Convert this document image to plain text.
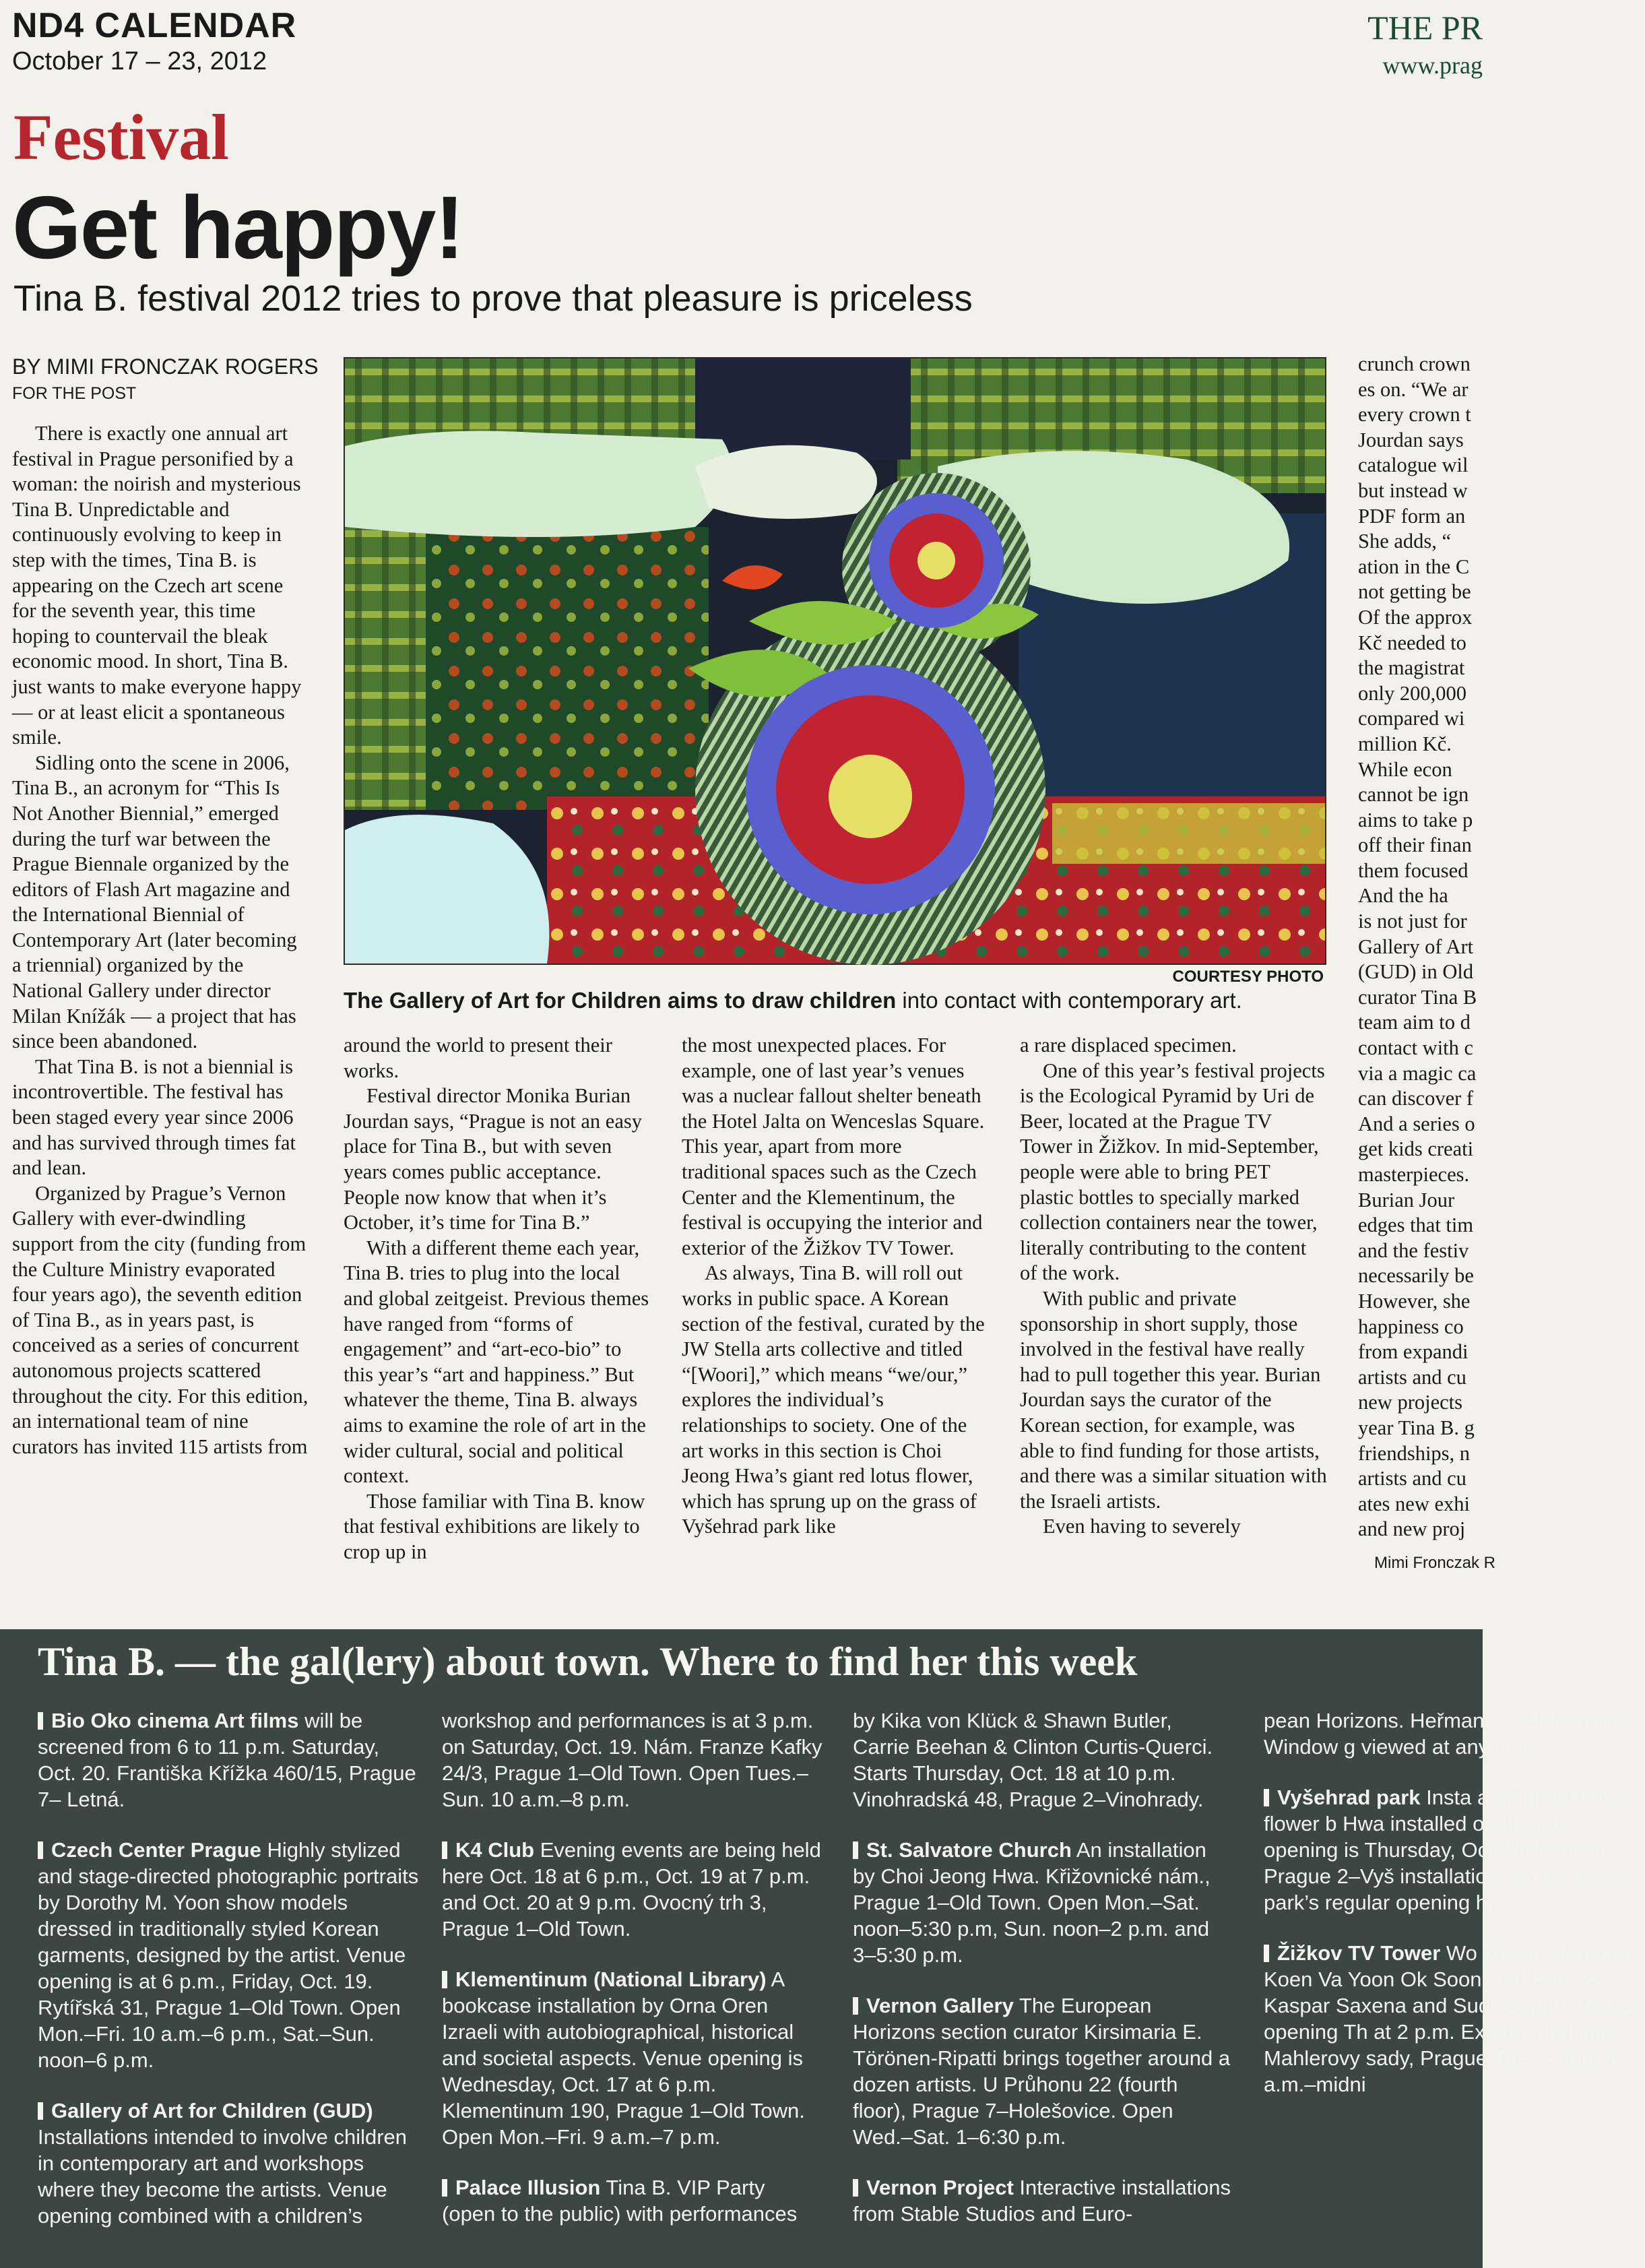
ND4 CALENDAR
October 17 – 23, 2012
THE PR
www.prag
Festival
Get happy!
Tina B. festival 2012 tries to prove that pleasure is priceless
BY MIMI FRONCZAK ROGERS
FOR THE POST

There is exactly one annual art festival in Prague personified by a woman: the noirish and mysterious Tina B. Unpredictable and continuously evolving to keep in step with the times, Tina B. is appearing on the Czech art scene for the seventh year, this time hoping to countervail the bleak economic mood. In short, Tina B. just wants to make everyone happy — or at least elicit a spontaneous smile.

Sidling onto the scene in 2006, Tina B., an acronym for “This Is Not Another Biennial,” emerged during the turf war between the Prague Biennale organized by the editors of Flash Art magazine and the International Biennial of Contemporary Art (later becoming a triennial) organized by the National Gallery under director Milan Knížák — a project that has since been abandoned.

That Tina B. is not a biennial is incontrovertible. The festival has been staged every year since 2006 and has survived through times fat and lean.

Organized by Prague’s Vernon Gallery with ever-dwindling support from the city (funding from the Culture Ministry evaporated four years ago), the seventh edition of Tina B., as in years past, is conceived as a series of concurrent autonomous projects scattered throughout the city. For this edition, an international team of nine curators has invited 115 artists from

COURTESY PHOTO
The Gallery of Art for Children aims to draw children into contact with contemporary art.

around the world to present their works.

Festival director Monika Burian Jourdan says, “Prague is not an easy place for Tina B., but with seven years comes public acceptance. People now know that when it’s October, it’s time for Tina B.”

With a different theme each year, Tina B. tries to plug into the local and global zeitgeist. Previous themes have ranged from “forms of engagement” and “art-eco-bio” to this year’s “art and happiness.” But whatever the theme, Tina B. always aims to examine the role of art in the wider cultural, social and political context.

Those familiar with Tina B. know that festival exhibitions are likely to crop up in

the most unexpected places. For example, one of last year’s venues was a nuclear fallout shelter beneath the Hotel Jalta on Wenceslas Square. This year, apart from more traditional spaces such as the Czech Center and the Klementinum, the festival is occupying the interior and exterior of the Žižkov TV Tower.

As always, Tina B. will roll out works in public space. A Korean section of the festival, curated by the JW Stella arts collective and titled “[Woori],” which means “we/our,” explores the individual’s relationships to society. One of the art works in this section is Choi Jeong Hwa’s giant red lotus flower, which has sprung up on the grass of Vyšehrad park like

a rare displaced specimen.

One of this year’s festival projects is the Ecological Pyramid by Uri de Beer, located at the Prague TV Tower in Žižkov. In mid-September, people were able to bring PET plastic bottles to specially marked collection containers near the tower, literally contributing to the content of the work.

With public and private sponsorship in short supply, those involved in the festival have really had to pull together this year. Burian Jourdan says the curator of the Korean section, for example, was able to find funding for those artists, and there was a similar situation with the Israeli artists.

Even having to severely

crunch crown
es on. “We ar
every crown t
Jourdan says
catalogue wil
but instead w
PDF form an
She adds, “
ation in the C
not getting be
Of the approx
Kč needed to
the magistrat
only 200,000
compared wi
million Kč.
While econ
cannot be ign
aims to take p
off their finan
them focused
And the ha
is not just for
Gallery of Art
(GUD) in Old
curator Tina B
team aim to d
contact with c
via a magic ca
can discover f
And a series o
get kids creati
masterpieces.
Burian Jour
edges that tim
and the festiv
necessarily be
However, she
happiness co
from expandi
artists and cu
new projects
year Tina B. g
friendships, n
artists and cu
ates new exhi
and new proj
Mimi Fronczak R
Tina B. — the gal(lery) about town. Where to find her this week
Bio Oko cinema Art films will be screened from 6 to 11 p.m. Saturday, Oct. 20. Františka Křížka 460/15, Prague 7– Letná.
Czech Center Prague Highly stylized and stage-directed photographic portraits by Dorothy M. Yoon show models dressed in traditionally styled Korean garments, designed by the artist. Venue opening is at 6 p.m., Friday, Oct. 19. Rytířská 31, Prague 1–Old Town. Open Mon.–Fri. 10 a.m.–6 p.m., Sat.–Sun. noon–6 p.m.
Gallery of Art for Children (GUD) Installations intended to involve children in contemporary art and workshops where they become the artists. Venue opening combined with a children’s
workshop and performances is at 3 p.m. on Saturday, Oct. 19. Nám. Franze Kafky 24/3, Prague 1–Old Town. Open Tues.–Sun. 10 a.m.–8 p.m.
K4 Club Evening events are being held here Oct. 18 at 6 p.m., Oct. 19 at 7 p.m. and Oct. 20 at 9 p.m. Ovocný trh 3, Prague 1–Old Town.
Klementinum (National Library) A bookcase installation by Orna Oren Izraeli with autobiographical, historical and societal aspects. Venue opening is Wednesday, Oct. 17 at 6 p.m. Klementinum 190, Prague 1–Old Town. Open Mon.–Fri. 9 a.m.–7 p.m.
Palace Illusion Tina B. VIP Party (open to the public) with performances
by Kika von Klück & Shawn Butler, Carrie Beehan & Clinton Curtis-Querci. Starts Thursday, Oct. 18 at 10 p.m. Vinohradská 48, Prague 2–Vinohrady.
St. Salvatore Church An installation by Choi Jeong Hwa. Křižovnické nám., Prague 1–Old Town. Open Mon.–Sat. noon–5:30 p.m, Sun. noon–2 p.m. and 3–5:30 p.m.
Vernon Gallery The European Horizons section curator Kirsimaria E. Törönen-Ripatti brings together around a dozen artists. U Průhonu 22 (fourth floor), Prague 7–Holešovice. Open Wed.–Sat. 1–6:30 p.m.
Vernon Project Interactive installations from Stable Studios and Euro-
pean Horizons. Heřmanc 7–Holešovice. Window g viewed at any time.
Vyšehrad park Insta a giant red lotus flower b Hwa installed on the par opening is Thursday, Oct. V Pevnosti, Prague 2–Vyš installation can be viewe park’s regular opening ho
Žižkov TV Tower Wo Toman Neuman, Koen Va Yoon Ok Soon, Ted Barr, E Kaspar Saxena and Sudh appah. Venue opening Th at 2 p.m. Exterior and inte Mahlerovy sady, Prague Tues.–Sun. 8 a.m.–midni
